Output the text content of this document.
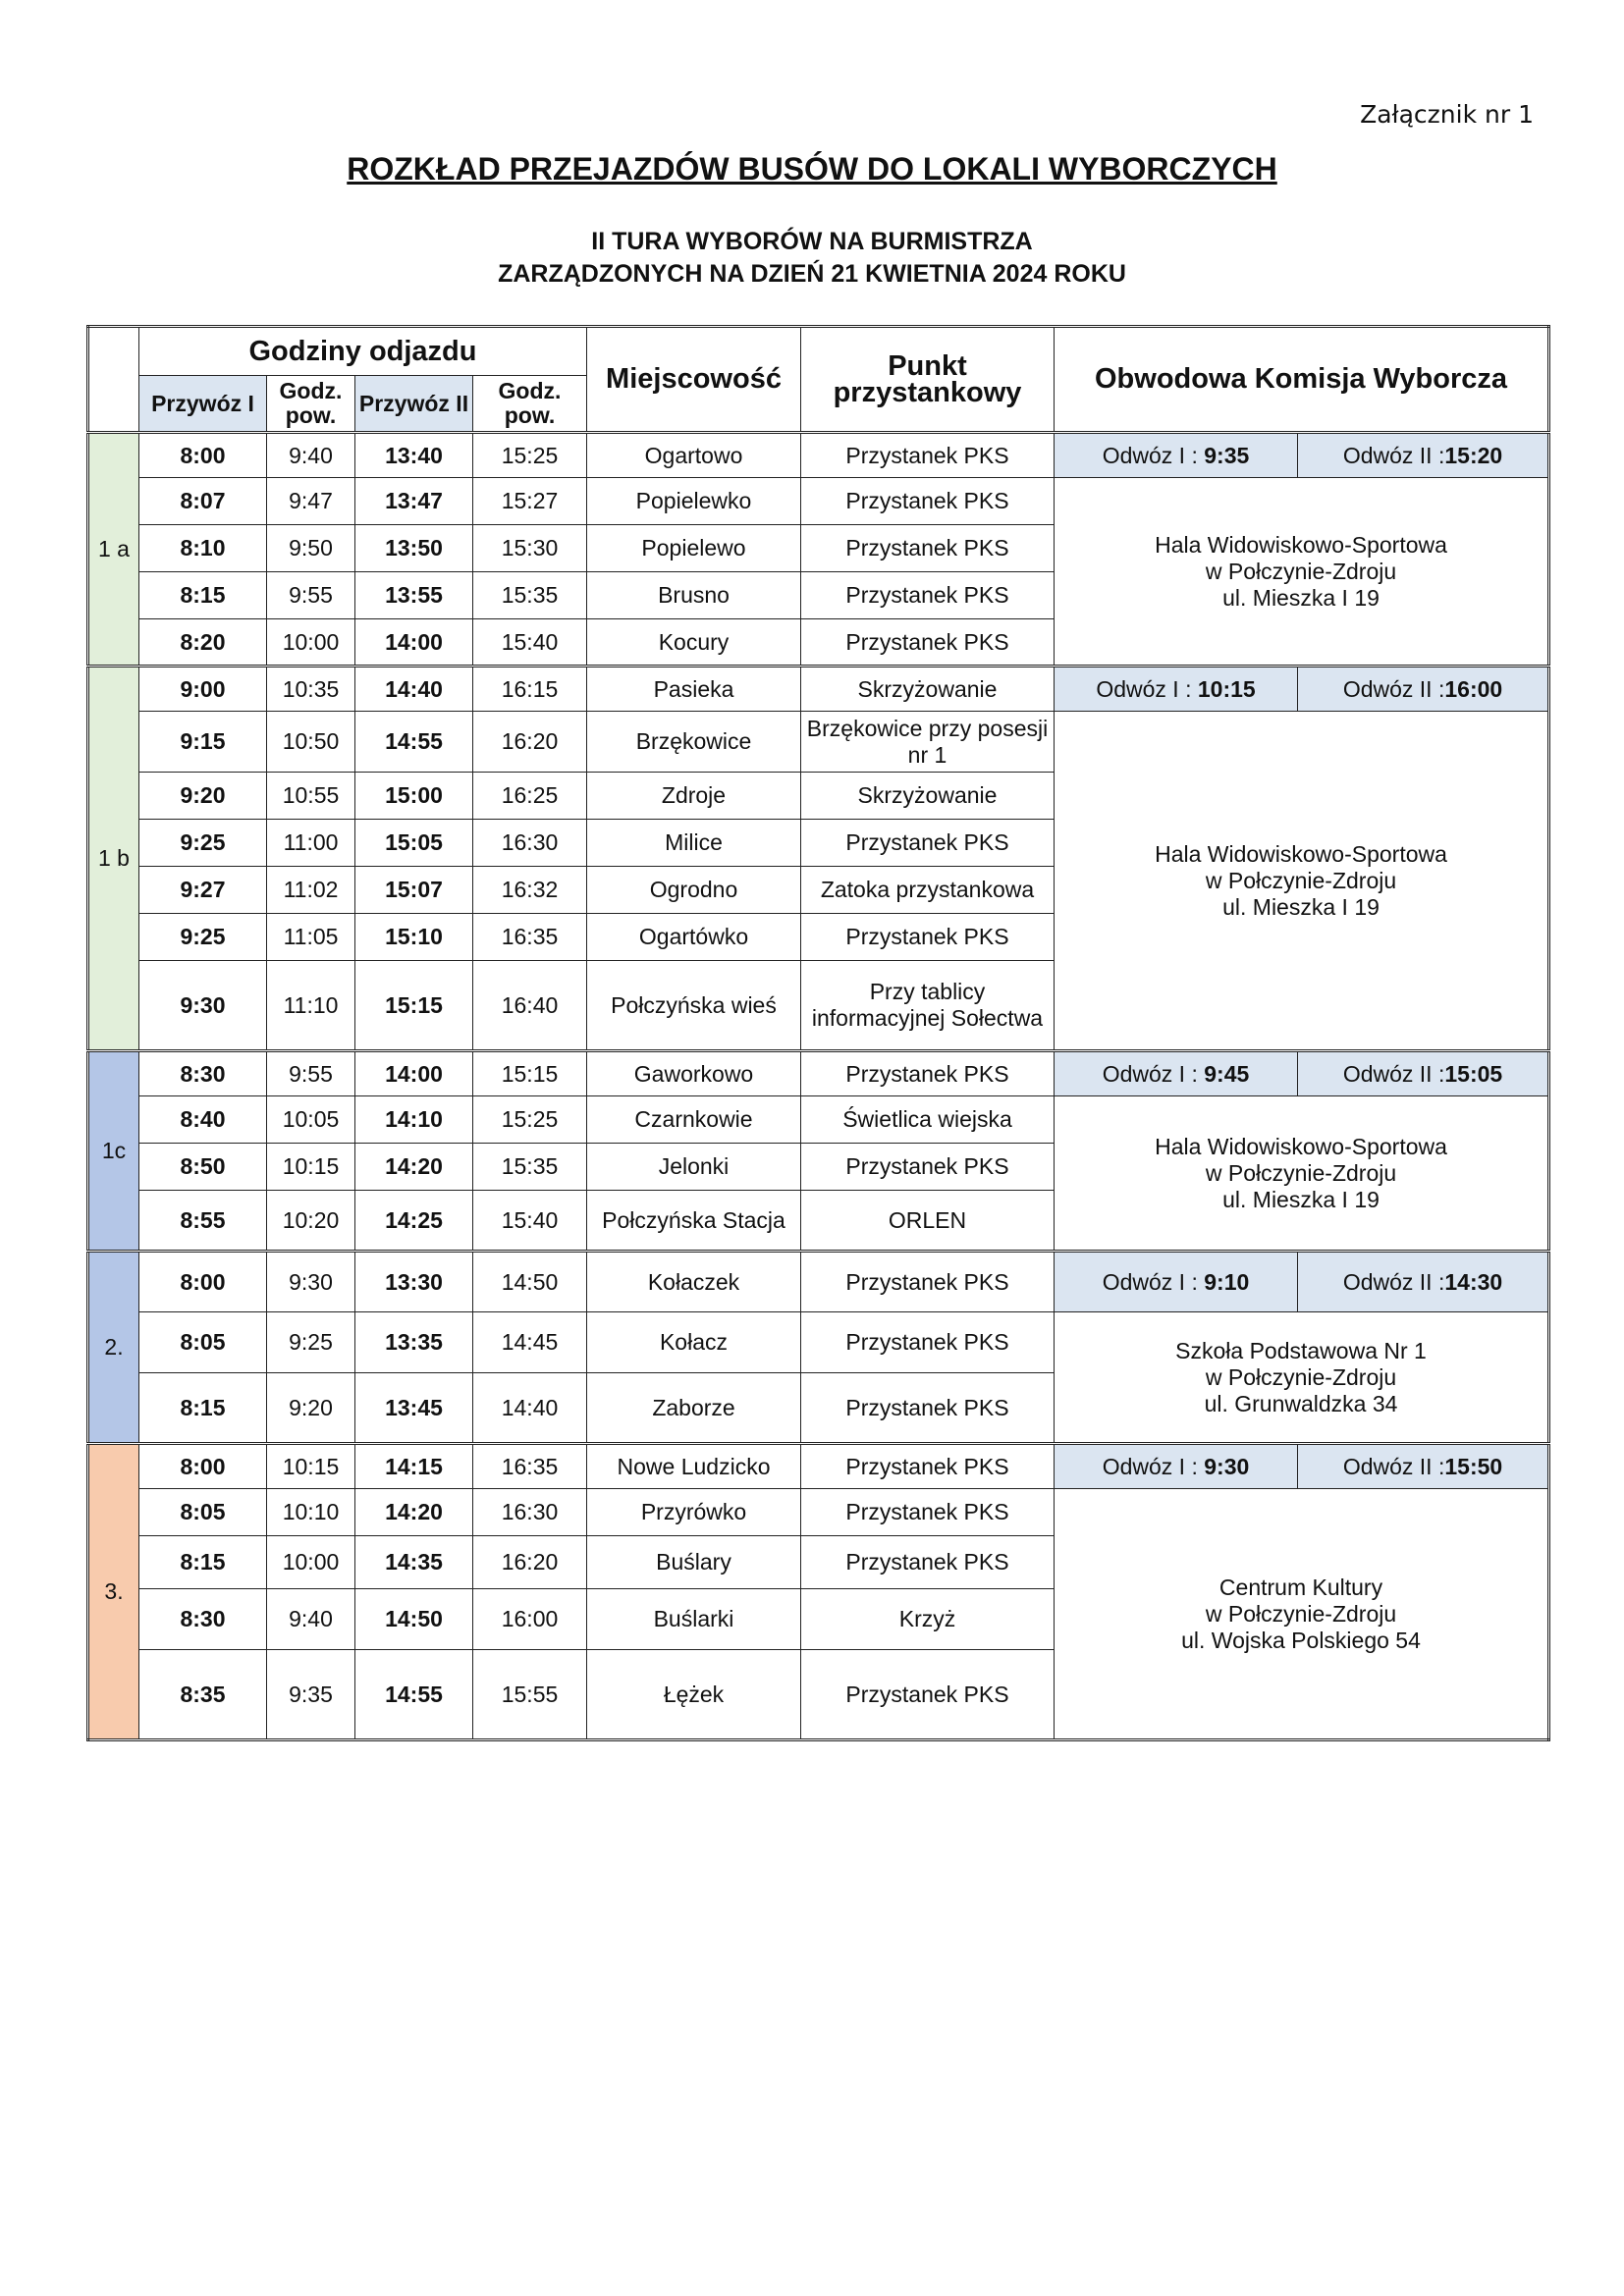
Załącznik nr 1
ROZKŁAD PRZEJAZDÓW BUSÓW DO LOKALI WYBORCZYCH
II TURA WYBORÓW NA BURMISTRZA
ZARZĄDZONYCH NA DZIEŃ 21 KWIETNIA 2024 ROKU
	Godziny odjazdu				Miejscowość	Punkt przystankowy	Obwodowa Komisja Wyborcza	
	Przywóz I	Godz. pow.	Przywóz II	Godz. pow.				
1 a	8:00	9:40	13:40	15:25	Ogartowo	Przystanek PKS	Odwóz I : 9:35	Odwóz II :15:20
	8:07	9:47	13:47	15:27	Popielewko	Przystanek PKS	Hala Widowiskowo-Sportowa
w Połczynie-Zdroju
ul. Mieszka I 19	

	8:10	9:50	13:50	15:30	Popielewo	Przystanek PKS		
	8:15	9:55	13:55	15:35	Brusno	Przystanek PKS		
	8:20	10:00	14:00	15:40	Kocury	Przystanek PKS		
1 b	9:00	10:35	14:40	16:15	Pasieka	Skrzyżowanie	Odwóz I : 10:15	Odwóz II :16:00
	9:15	10:50	14:55	16:20	Brzękowice	Brzękowice przy posesji nr 1	Hala Widowiskowo-Sportowa
w Połczynie-Zdroju
ul. Mieszka I 19	

	9:20	10:55	15:00	16:25	Zdroje	Skrzyżowanie		
	9:25	11:00	15:05	16:30	Milice	Przystanek PKS		
	9:27	11:02	15:07	16:32	Ogrodno	Zatoka przystankowa		
	9:25	11:05	15:10	16:35	Ogartówko	Przystanek PKS		
	9:30	11:10	15:15	16:40	Połczyńska wieś	Przy tablicy informacyjnej Sołectwa		
1c	8:30	9:55	14:00	15:15	Gaworkowo	Przystanek PKS	Odwóz I : 9:45	Odwóz II :15:05
	8:40	10:05	14:10	15:25	Czarnkowie	Świetlica wiejska	Hala Widowiskowo-Sportowa
w Połczynie-Zdroju
ul. Mieszka I 19	

	8:50	10:15	14:20	15:35	Jelonki	Przystanek PKS		
	8:55	10:20	14:25	15:40	Połczyńska Stacja	ORLEN		
2.	8:00	9:30	13:30	14:50	Kołaczek	Przystanek PKS	Odwóz I : 9:10	Odwóz II :14:30
	8:05	9:25	13:35	14:45	Kołacz	Przystanek PKS	Szkoła Podstawowa Nr 1
w Połczynie-Zdroju
ul. Grunwaldzka 34	

	8:15	9:20	13:45	14:40	Zaborze	Przystanek PKS		
3.	8:00	10:15	14:15	16:35	Nowe Ludzicko	Przystanek PKS	Odwóz I : 9:30	Odwóz II :15:50
	8:05	10:10	14:20	16:30	Przyrówko	Przystanek PKS	Centrum Kultury
w Połczynie-Zdroju
ul. Wojska Polskiego 54	

	8:15	10:00	14:35	16:20	Buślary	Przystanek PKS		
	8:30	9:40	14:50	16:00	Buślarki	Krzyż		
	8:35	9:35	14:55	15:55	Łężek	Przystanek PKS		
